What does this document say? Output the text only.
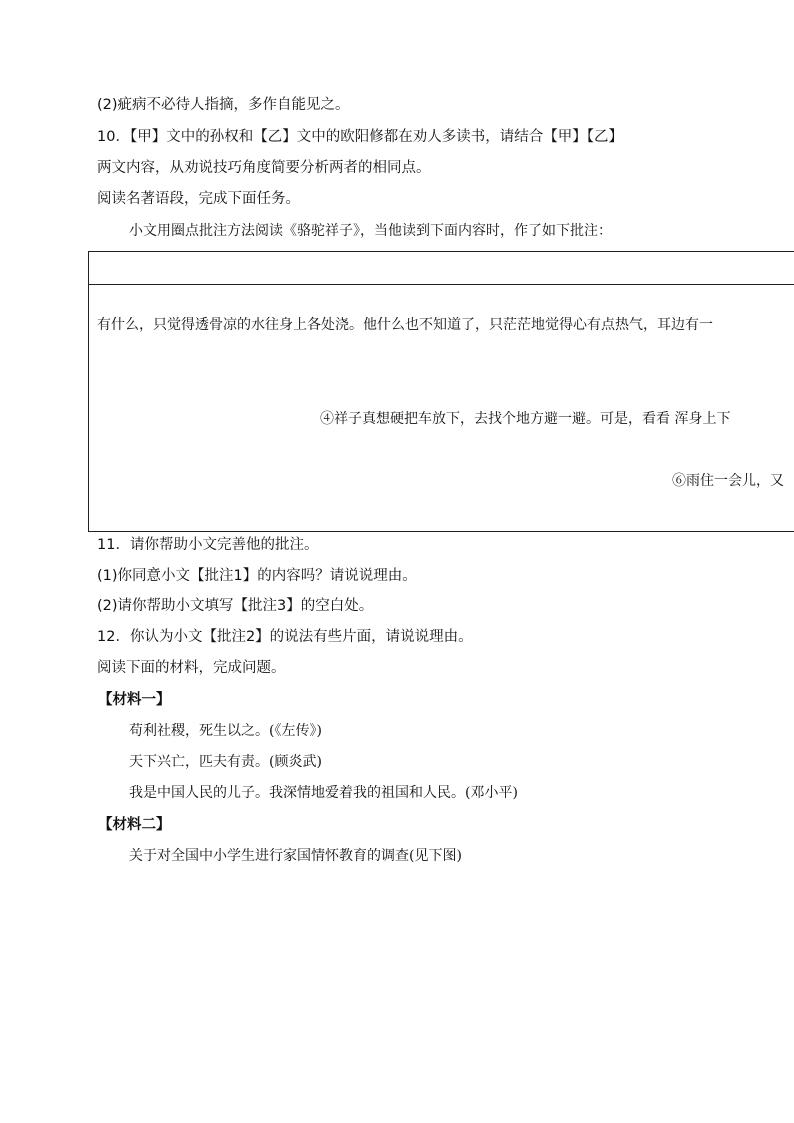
(2)疵病不必待人指摘，多作自能见之。
10．【甲】文中的孙权和【乙】文中的欧阳修都在劝人多读书，请结合【甲】【乙】
两文内容，从劝说技巧角度简要分析两者的相同点。
阅读名著语段，完成下面任务。
小文用圈点批注方法阅读《骆驼祥子》，当他读到下面内容时，作了如下批注：
有什么，只觉得透骨凉的水往身上各处浇。他什么也不知道了，只茫茫地觉得心有点热气，耳边有一
④祥子真想硬把车放下，去找个地方避一避。可是，看看 浑身上下
⑥雨住一会儿，又
11．请你帮助小文完善他的批注。
(1)你同意小文【批注1】的内容吗？请说说理由。
(2)请你帮助小文填写【批注3】的空白处。
12．你认为小文【批注2】的说法有些片面，请说说理由。
阅读下面的材料，完成问题。
【材料一】
苟利社稷，死生以之。(《左传》)
天下兴亡，匹夫有责。(顾炎武)
我是中国人民的儿子。我深情地爱着我的祖国和人民。(邓小平)
【材料二】
关于对全国中小学生进行家国情怀教育的调查(见下图)
